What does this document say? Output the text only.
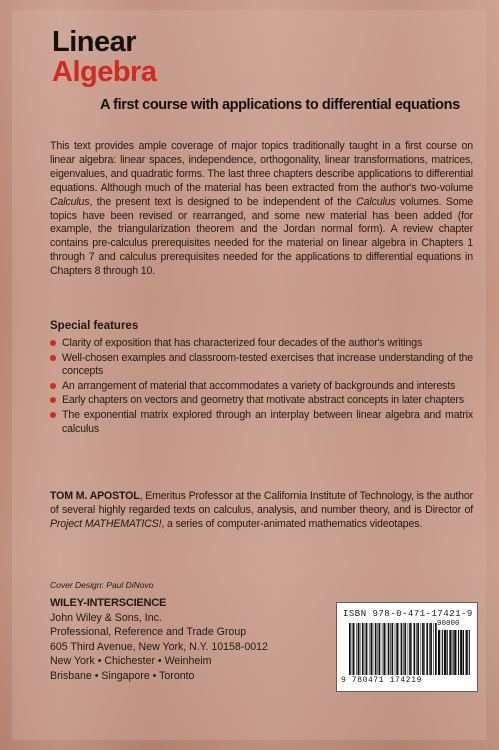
Linear
Algebra
A first course with applications to differential equations

This text provides ample coverage of major topics traditionally taught in a first course on linear algebra: linear spaces, independence, orthogonality, linear transformations, matrices, eigenvalues, and quadratic forms. The last three chapters describe applications to differential equations. Although much of the material has been extracted from the author's two-volume Calculus, the present text is designed to be independent of the Calculus volumes. Some topics have been revised or rearranged, and some new material has been added (for example, the triangularization theorem and the Jordan normal form). A review chapter contains pre-calculus prerequisites needed for the material on linear algebra in Chapters 1 through 7 and calculus prerequisites needed for the applications to differential equations in Chapters 8 through 10.

Special features
Clarity of exposition that has characterized four decades of the author's writings
Well-chosen examples and classroom-tested exercises that increase understanding of the concepts
An arrangement of material that accommodates a variety of backgrounds and interests
Early chapters on vectors and geometry that motivate abstract concepts in later chapters
The exponential matrix explored through an interplay between linear algebra and matrix calculus

TOM M. APOSTOL, Emeritus Professor at the California Institute of Technology, is the author of several highly regarded texts on calculus, analysis, and number theory, and is Director of Project MATHEMATICS!, a series of computer-animated mathematics videotapes.

Cover Design: Paul DiNovo

WILEY-INTERSCIENCE
John Wiley & Sons, Inc.
Professional, Reference and Trade Group
605 Third Avenue, New York, N.Y. 10158-0012
New York • Chichester • Weinheim
Brisbane • Singapore • Toronto

ISBN 978-0-471-17421-9

90000

9 780471 174219
